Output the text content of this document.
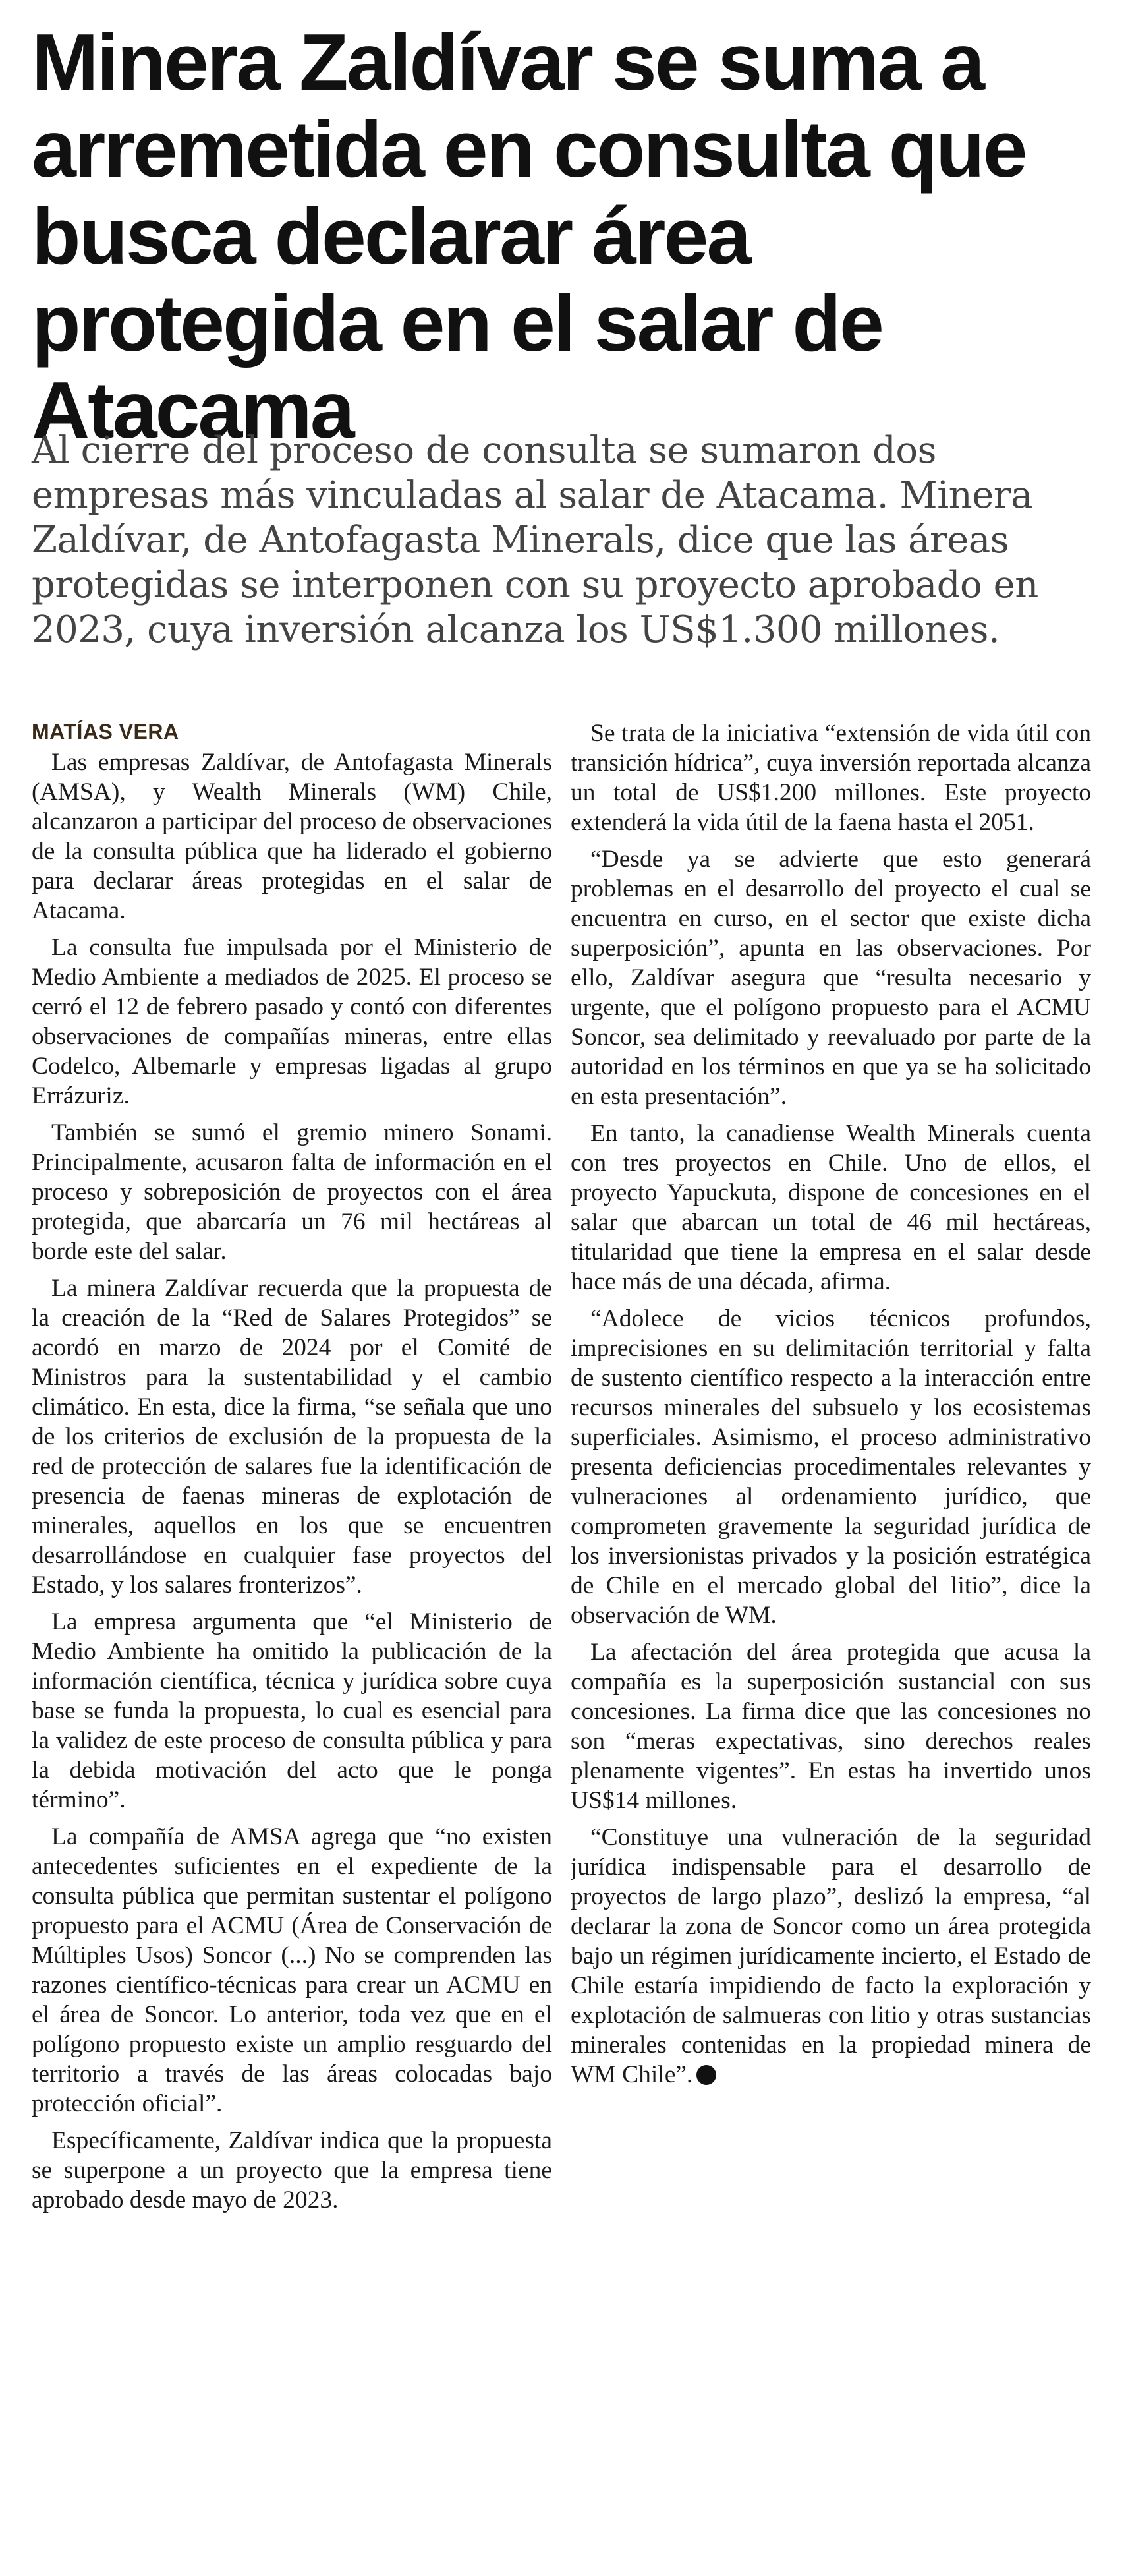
Minera Zaldívar se suma a arremetida en consulta que busca declarar área protegida en el salar de Atacama

Al cierre del proceso de consulta se sumaron dos empresas más vinculadas al salar de Atacama. Minera Zaldívar, de Antofagasta Minerals, dice que las áreas protegidas se interponen con su proyecto aprobado en 2023, cuya inversión alcanza los US$1.300 millones.

MATÍAS VERA

Las empresas Zaldívar, de Antofagasta Minerals (AMSA), y Wealth Minerals (WM) Chile, alcanzaron a participar del proceso de observaciones de la consulta pública que ha liderado el gobierno para declarar áreas protegidas en el salar de Atacama.

La consulta fue impulsada por el Ministerio de Medio Ambiente a mediados de 2025. El proceso se cerró el 12 de febrero pasado y contó con diferentes observaciones de compañías mineras, entre ellas Codelco, Albemarle y empresas ligadas al grupo Errázuriz.

También se sumó el gremio minero Sonami. Principalmente, acusaron falta de información en el proceso y sobreposición de proyectos con el área protegida, que abarcaría un 76 mil hectáreas al borde este del salar.

La minera Zaldívar recuerda que la propuesta de la creación de la “Red de Salares Protegidos” se acordó en marzo de 2024 por el Comité de Ministros para la sustentabilidad y el cambio climático. En esta, dice la firma, “se señala que uno de los criterios de exclusión de la propuesta de la red de protección de salares fue la identificación de presencia de faenas mineras de explotación de minerales, aquellos en los que se encuentren desarrollándose en cualquier fase proyectos del Estado, y los salares fronterizos”.

La empresa argumenta que “el Ministerio de Medio Ambiente ha omitido la publicación de la información científica, técnica y jurídica sobre cuya base se funda la propuesta, lo cual es esencial para la validez de este proceso de consulta pública y para la debida motivación del acto que le ponga término”.

La compañía de AMSA agrega que “no existen antecedentes suficientes en el expediente de la consulta pública que permitan sustentar el polígono propuesto para el ACMU (Área de Conservación de Múltiples Usos) Soncor (...) No se comprenden las razones científico-técnicas para crear un ACMU en el área de Soncor. Lo anterior, toda vez que en el polígono propuesto existe un amplio resguardo del territorio a través de las áreas colocadas bajo protección oficial”.

Específicamente, Zaldívar indica que la propuesta se superpone a un proyecto que la empresa tiene aprobado desde mayo de 2023.

Se trata de la iniciativa “extensión de vida útil con transición hídrica”, cuya inversión reportada alcanza un total de US$1.200 millones. Este proyecto extenderá la vida útil de la faena hasta el 2051.

“Desde ya se advierte que esto generará problemas en el desarrollo del proyecto el cual se encuentra en curso, en el sector que existe dicha superposición”, apunta en las observaciones. Por ello, Zaldívar asegura que “resulta necesario y urgente, que el polígono propuesto para el ACMU Soncor, sea delimitado y reevaluado por parte de la autoridad en los términos en que ya se ha solicitado en esta presentación”.

En tanto, la canadiense Wealth Minerals cuenta con tres proyectos en Chile. Uno de ellos, el proyecto Yapuckuta, dispone de concesiones en el salar que abarcan un total de 46 mil hectáreas, titularidad que tiene la empresa en el salar desde hace más de una década, afirma.

“Adolece de vicios técnicos profundos, imprecisiones en su delimitación territorial y falta de sustento científico respecto a la interacción entre recursos minerales del subsuelo y los ecosistemas superficiales. Asimismo, el proceso administrativo presenta deficiencias procedimentales relevantes y vulneraciones al ordenamiento jurídico, que comprometen gravemente la seguridad jurídica de los inversionistas privados y la posición estratégica de Chile en el mercado global del litio”, dice la observación de WM.

La afectación del área protegida que acusa la compañía es la superposición sustancial con sus concesiones. La firma dice que las concesiones no son “meras expectativas, sino derechos reales plenamente vigentes”. En estas ha invertido unos US$14 millones.

“Constituye una vulneración de la seguridad jurídica indispensable para el desarrollo de proyectos de largo plazo”, deslizó la empresa, “al declarar la zona de Soncor como un área protegida bajo un régimen jurídicamente incierto, el Estado de Chile estaría impidiendo de facto la exploración y explotación de salmueras con litio y otras sustancias minerales contenidas en la propiedad minera de WM Chile”.D
